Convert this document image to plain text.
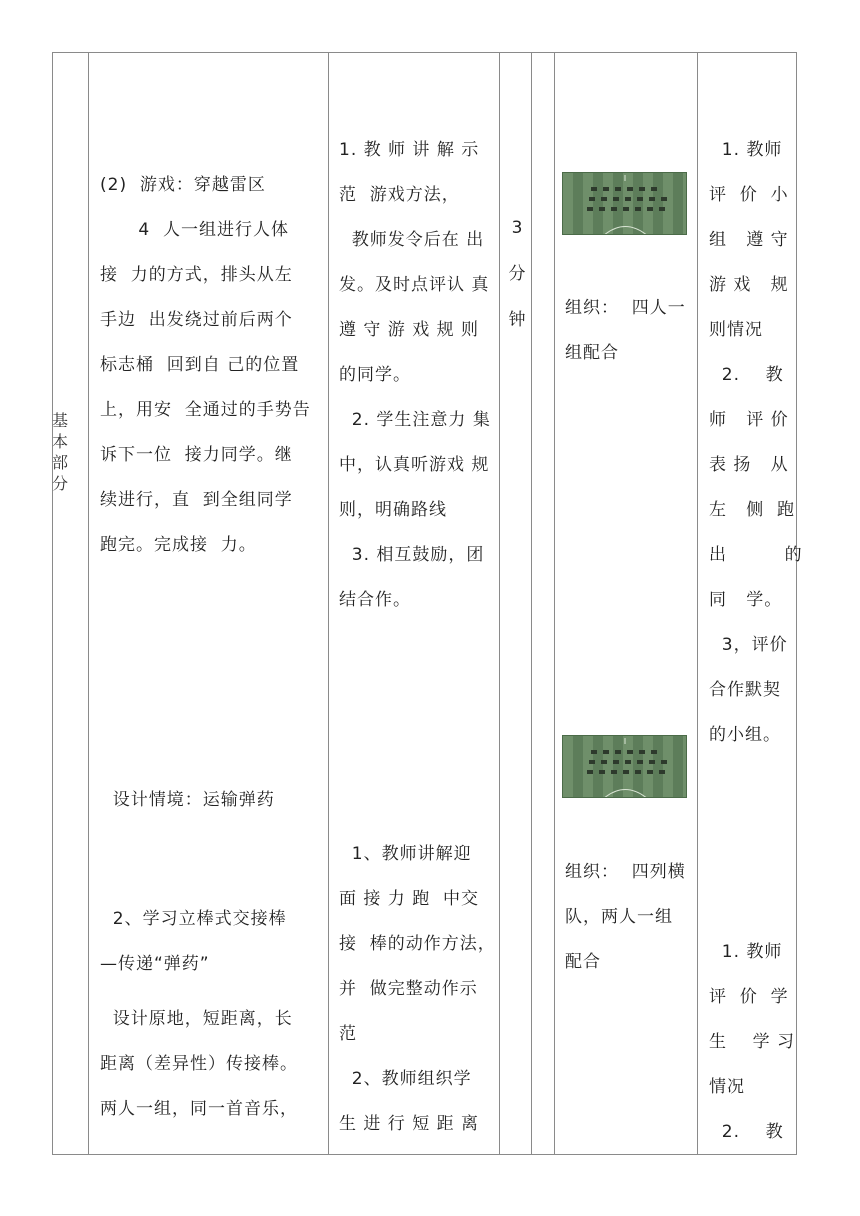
基
本
部
分

(2)  游戏：穿越雷区

4  人一组进行人体

接  力的方式，排头从左

手边  出发绕过前后两个

标志桶  回到自 己的位置

上，用安  全通过的手势告

诉下一位  接力同学。继

续进行，直  到全组同学

跑完。完成接  力。

设计情境：运输弹药

2、学习立棒式交接棒

—传递“弹药”

设计原地，短距离，长

距离（差异性）传接棒。

两人一组，同一首音乐，

1. 教 师 讲 解 示

范  游戏方法，

教师发令后在 出

发。及时点评认 真

遵 守 游 戏 规 则

的同学。

2. 学生注意力 集

中，认真听游戏 规

则，明确路线

3. 相互鼓励，团

结合作。

1、教师讲解迎

面 接 力 跑  中交

接  棒的动作方法，

并  做完整动作示

范

2、教师组织学

生 进 行 短 距 离

3
分
钟

组织：  四人一

组配合

组织：  四列横

队，两人一组

配合

1. 教师

评  价  小

组   遵 守

游 戏   规

则情况

2.    教

师   评 价

表 扬   从

左   侧  跑

出         的

同   学。

3，评价

合作默契

的小组。

1. 教师

评  价  学

生    学 习

情况

2.    教
